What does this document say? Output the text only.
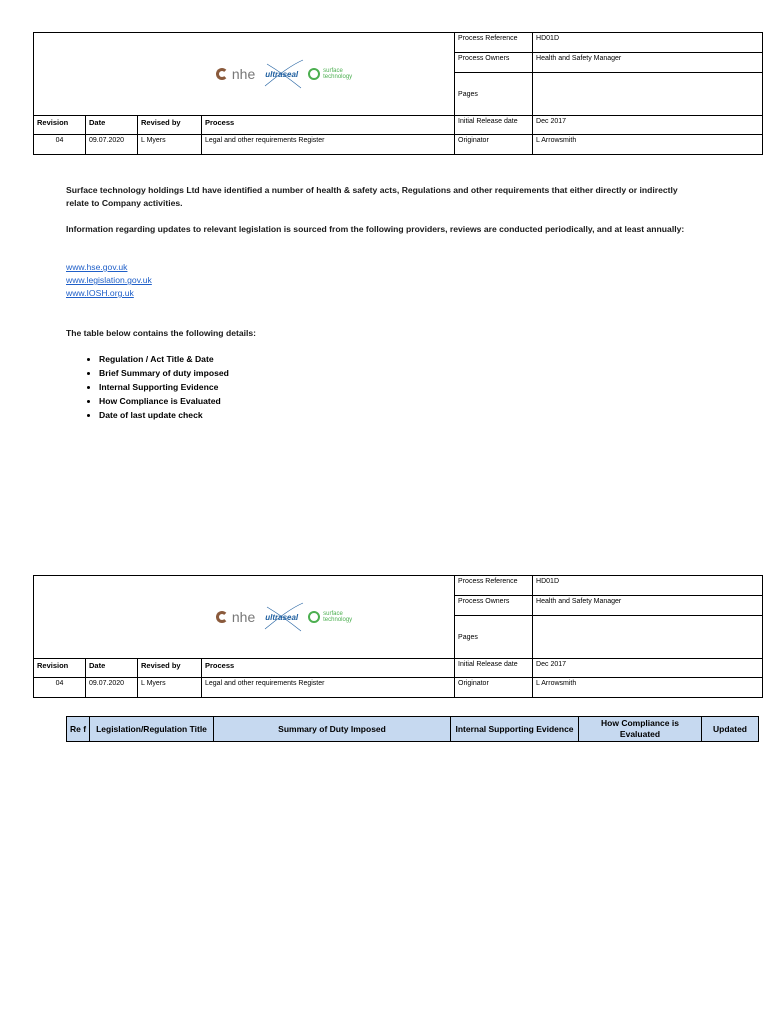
nhe ultraseal surface
technology				Process Reference	HD01D
				Process Owners	Health and Safety Manager
				Pages	
Revision	Date	Revised by	Process	Initial Release date	Dec 2017
04	09.07.2020	L Myers	Legal and other requirements Register	Originator	L Arrowsmith

Surface technology holdings Ltd have identified a number of health & safety acts, Regulations and other requirements that either directly or indirectly relate to Company activities.

Information regarding updates to relevant legislation is sourced from the following providers, reviews are conducted periodically, and at least annually:

www.hse.gov.uk
www.legislation.gov.uk
www.IOSH.org.uk

The table below contains the following details:

• Regulation / Act Title & Date
• Brief Summary of duty imposed
• Internal Supporting Evidence
• How Compliance is Evaluated
• Date of last update check
nhe ultraseal surface
technology				Process Reference	HD01D
				Process Owners	Health and Safety Manager
				Pages	
Revision	Date	Revised by	Process	Initial Release date	Dec 2017
04	09.07.2020	L Myers	Legal and other requirements Register	Originator	L Arrowsmith
Re f	Legislation/Regulation Title	Summary of Duty Imposed	Internal Supporting Evidence	How Compliance is Evaluated	Updated
